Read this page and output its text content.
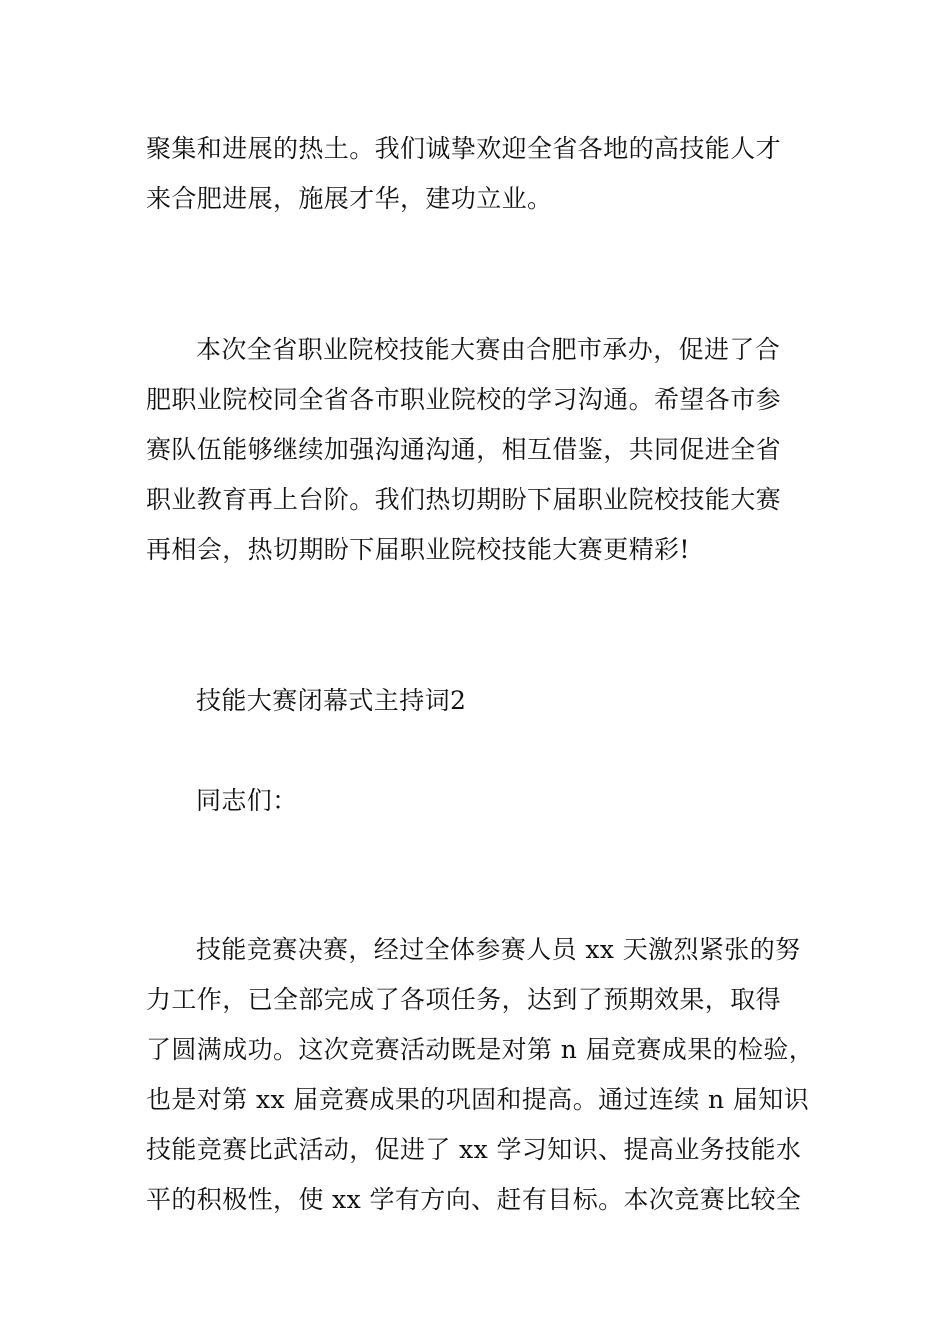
聚集和进展的热土。我们诚挚欢迎全省各地的高技能人才
来合肥进展，施展才华，建功立业。
本次全省职业院校技能大赛由合肥市承办，促进了合
肥职业院校同全省各市职业院校的学习沟通。希望各市参
赛队伍能够继续加强沟通沟通，相互借鉴，共同促进全省
职业教育再上台阶。我们热切期盼下届职业院校技能大赛
再相会，热切期盼下届职业院校技能大赛更精彩!
技能大赛闭幕式主持词2
同志们：
技能竞赛决赛，经过全体参赛人员 xx 天激烈紧张的努
力工作，已全部完成了各项任务，达到了预期效果，取得
了圆满成功。这次竞赛活动既是对第 n 届竞赛成果的检验，
也是对第 xx 届竞赛成果的巩固和提高。通过连续 n 届知识
技能竞赛比武活动，促进了 xx 学习知识、提高业务技能水
平的积极性，使 xx 学有方向、赶有目标。本次竞赛比较全
